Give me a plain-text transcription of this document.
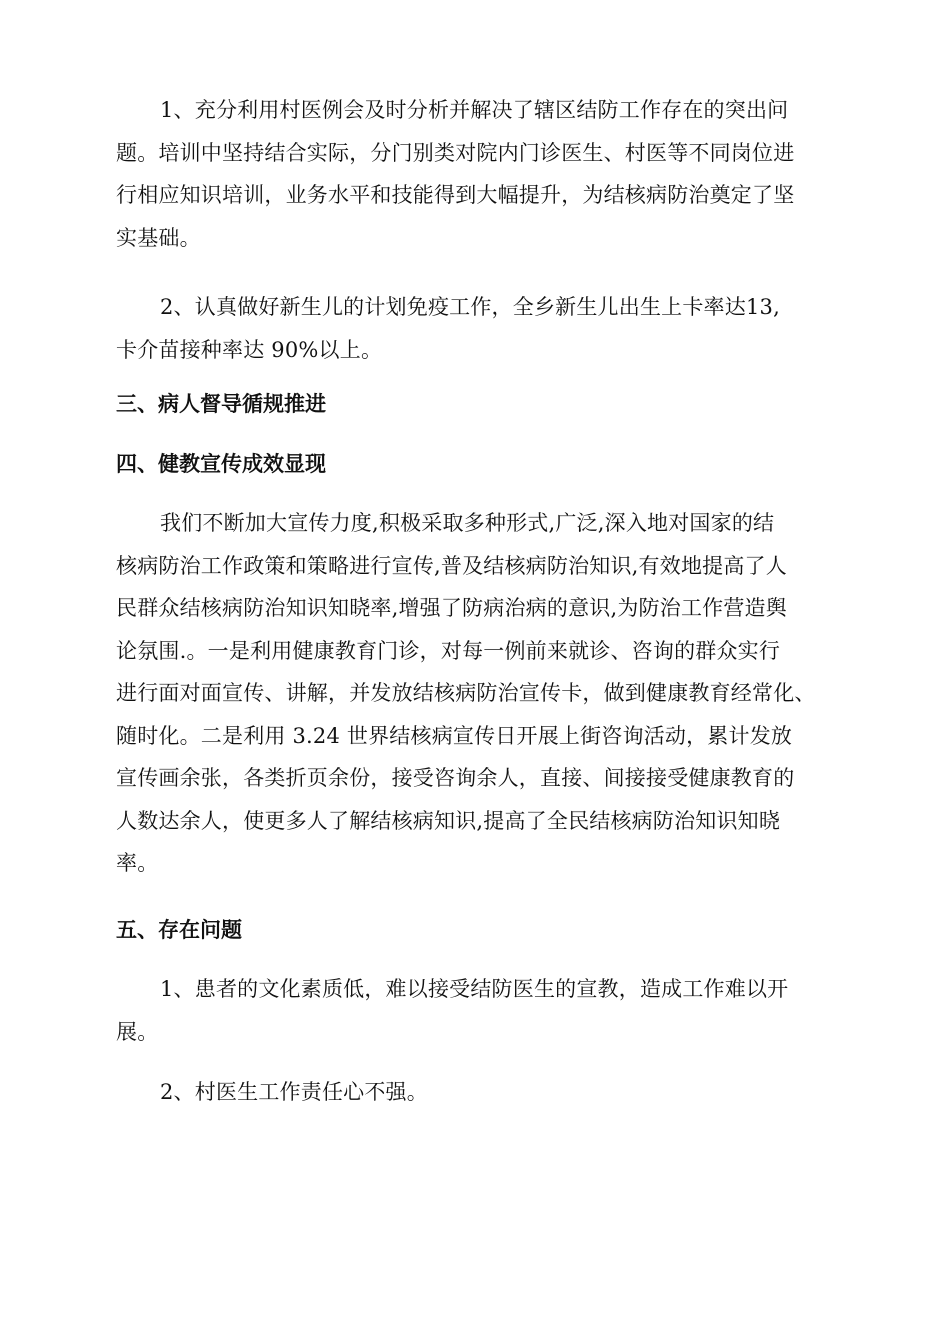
1、充分利用村医例会及时分析并解决了辖区结防工作存在的突出问
题。培训中坚持结合实际，分门别类对院内门诊医生、村医等不同岗位进
行相应知识培训，业务水平和技能得到大幅提升，为结核病防治奠定了坚
实基础。
2、认真做好新生儿的计划免疫工作，全乡新生儿出生上卡率达13,
卡介苗接种率达 90%以上。
三、病人督导循规推进
四、健教宣传成效显现
我们不断加大宣传力度,积极采取多种形式,广泛,深入地对国家的结
核病防治工作政策和策略进行宣传,普及结核病防治知识,有效地提高了人
民群众结核病防治知识知晓率,增强了防病治病的意识,为防治工作营造舆
论氛围.。一是利用健康教育门诊，对每一例前来就诊、咨询的群众实行
进行面对面宣传、讲解，并发放结核病防治宣传卡，做到健康教育经常化、
随时化。二是利用 3.24 世界结核病宣传日开展上街咨询活动，累计发放
宣传画余张，各类折页余份，接受咨询余人，直接、间接接受健康教育的
人数达余人，使更多人了解结核病知识,提高了全民结核病防治知识知晓
率。
五、存在问题
1、患者的文化素质低，难以接受结防医生的宣教，造成工作难以开
展。
2、村医生工作责任心不强。
